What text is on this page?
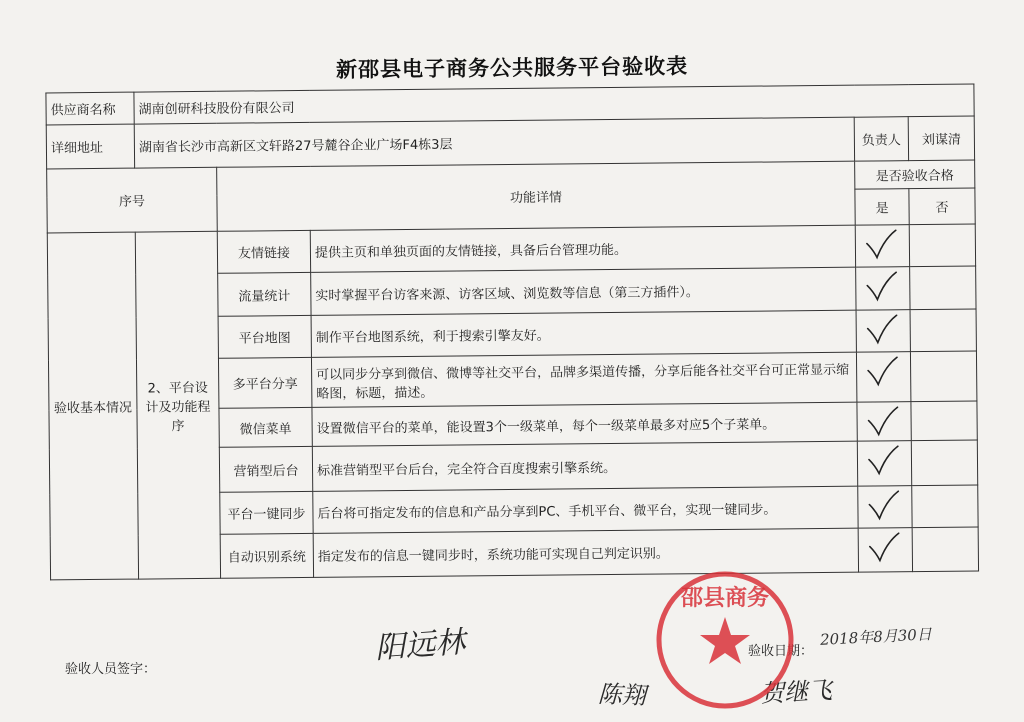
新邵县电子商务公共服务平台验收表
供应商名称	湖南创研科技股份有限公司				
详细地址	湖南省长沙市高新区文轩路27号麓谷企业广场F4栋3层			负责人	刘谋清
序号		功能详情		是否验收合格	
				是	否
验收基本情况	2、平台设计及功能程序	友情链接	提供主页和单独页面的友情链接，具备后台管理功能。	

		流量统计	实时掌握平台访客来源、访客区域、浏览数等信息（第三方插件）。	

		平台地图	制作平台地图系统，利于搜索引擎友好。	

		多平台分享	可以同步分享到微信、微博等社交平台，品牌多渠道传播，分享后能各社交平台可正常显示缩略图，标题，描述。	

		微信菜单	设置微信平台的菜单，能设置3个一级菜单，每个一级菜单最多对应5个子菜单。	

		营销型后台	标准营销型平台后台，完全符合百度搜索引擎系统。	

		平台一键同步	后台将可指定发布的信息和产品分享到PC、手机平台、微平台，实现一键同步。	

		自动识别系统	指定发布的信息一键同步时，系统功能可实现自己判定识别。	

验收人员签字：
验收日期：
2018年8月30日
阳远林
陈翔	贺继飞
邵县商务
